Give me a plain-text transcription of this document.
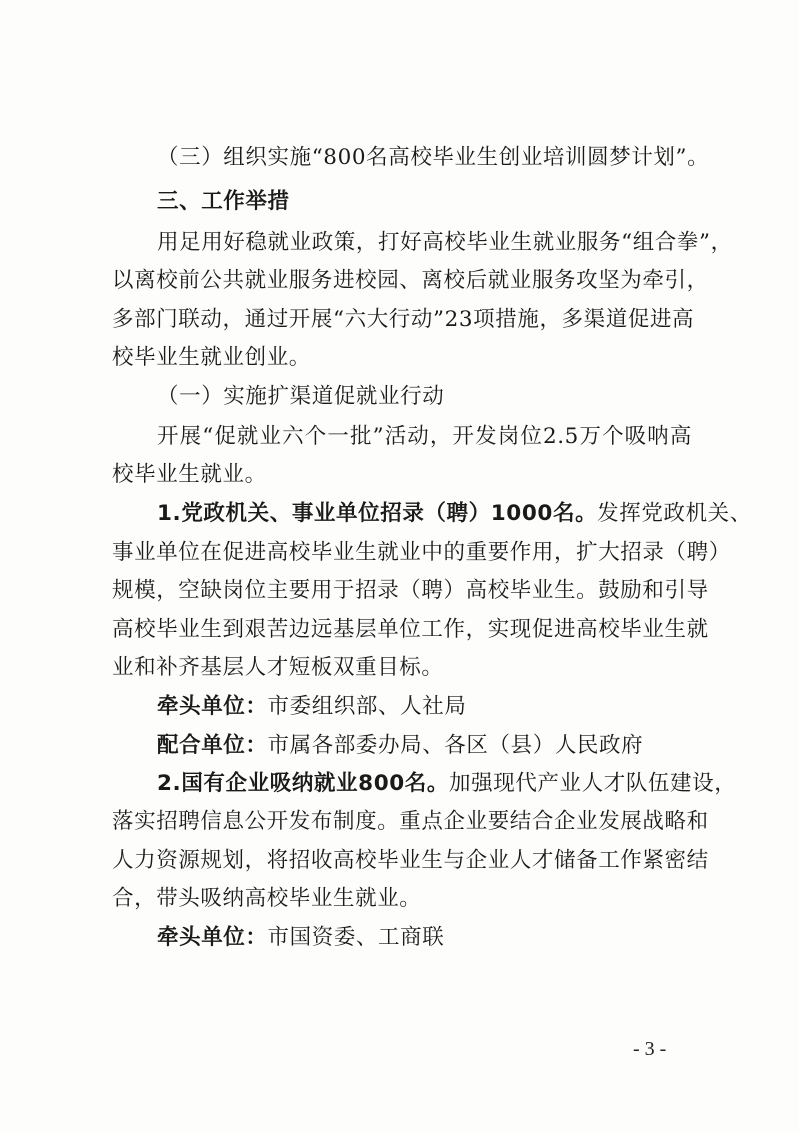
（三）组织实施“800名高校毕业生创业培训圆梦计划”。
三、工作举措
用足用好稳就业政策，打好高校毕业生就业服务“组合拳”，
以离校前公共就业服务进校园、离校后就业服务攻坚为牵引，
多部门联动，通过开展“六大行动”23项措施，多渠道促进高
校毕业生就业创业。
（一）实施扩渠道促就业行动
开展“促就业六个一批”活动，开发岗位2.5万个吸呐高
校毕业生就业。
1.党政机关、事业单位招录（聘）1000名。发挥党政机关、
事业单位在促进高校毕业生就业中的重要作用，扩大招录（聘）
规模，空缺岗位主要用于招录（聘）高校毕业生。鼓励和引导
高校毕业生到艰苦边远基层单位工作，实现促进高校毕业生就
业和补齐基层人才短板双重目标。
牵头单位：市委组织部、人社局
配合单位：市属各部委办局、各区（县）人民政府
2.国有企业吸纳就业800名。加强现代产业人才队伍建设，
落实招聘信息公开发布制度。重点企业要结合企业发展战略和
人力资源规划，将招收高校毕业生与企业人才储备工作紧密结
合，带头吸纳高校毕业生就业。
牵头单位：市国资委、工商联
- 3 -
